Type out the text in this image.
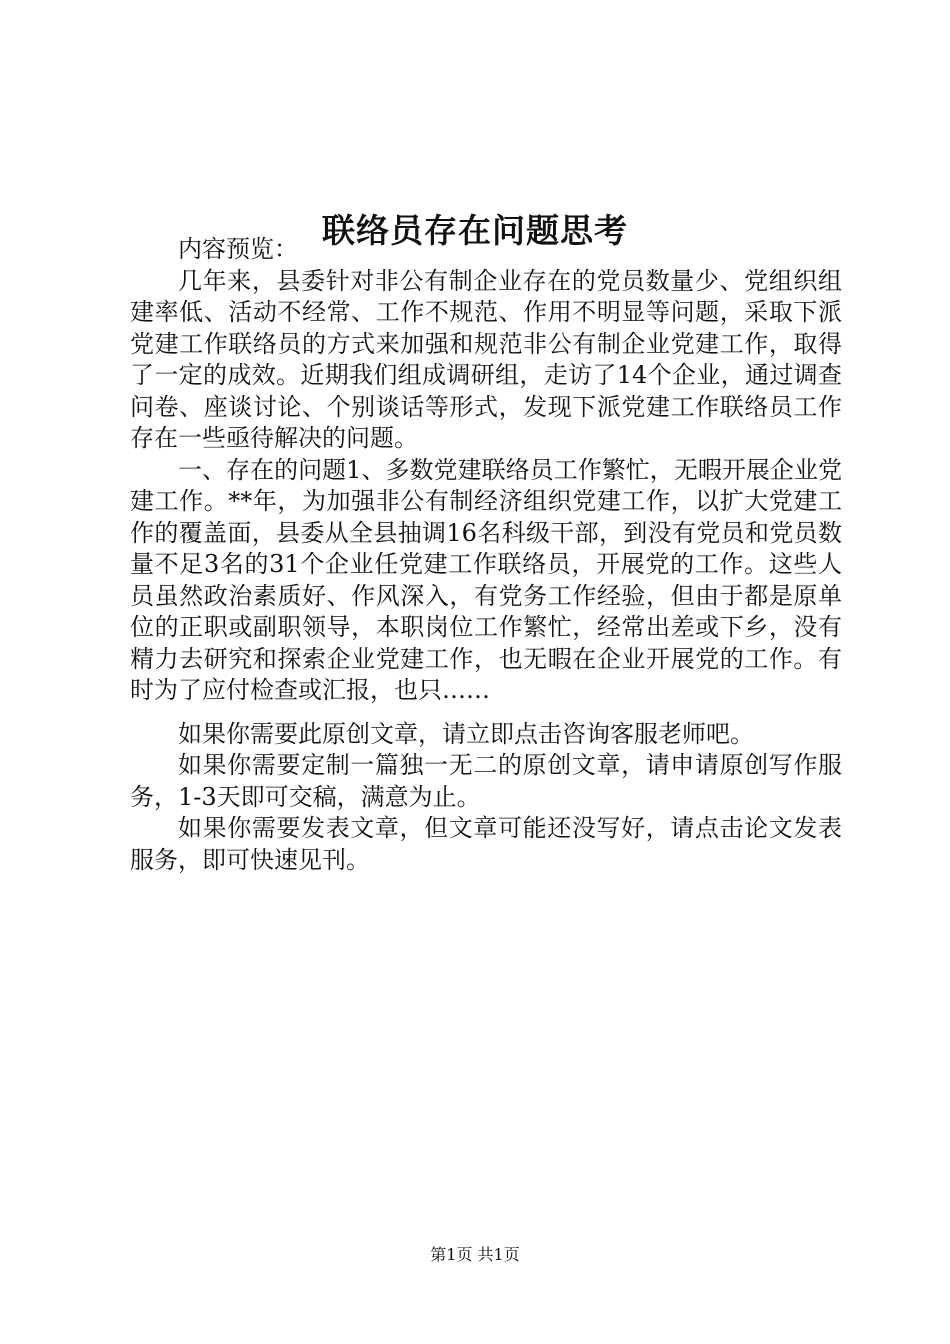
联络员存在问题思考

内容预览：

几年来，县委针对非公有制企业存在的党员数量少、党组织组建率低、活动不经常、工作不规范、作用不明显等问题，采取下派党建工作联络员的方式来加强和规范非公有制企业党建工作，取得了一定的成效。近期我们组成调研组，走访了14个企业，通过调查问卷、座谈讨论、个别谈话等形式，发现下派党建工作联络员工作存在一些亟待解决的问题。

一、存在的问题1、多数党建联络员工作繁忙，无暇开展企业党建工作。**年，为加强非公有制经济组织党建工作，以扩大党建工作的覆盖面，县委从全县抽调16名科级干部，到没有党员和党员数量不足3名的31个企业任党建工作联络员，开展党的工作。这些人员虽然政治素质好、作风深入，有党务工作经验，但由于都是原单位的正职或副职领导，本职岗位工作繁忙，经常出差或下乡，没有精力去研究和探索企业党建工作，也无暇在企业开展党的工作。有时为了应付检查或汇报，也只……

如果你需要此原创文章，请立即点击咨询客服老师吧。

如果你需要定制一篇独一无二的原创文章，请申请原创写作服务，1-3天即可交稿，满意为止。

如果你需要发表文章，但文章可能还没写好，请点击论文发表服务，即可快速见刊。

第1页 共1页
